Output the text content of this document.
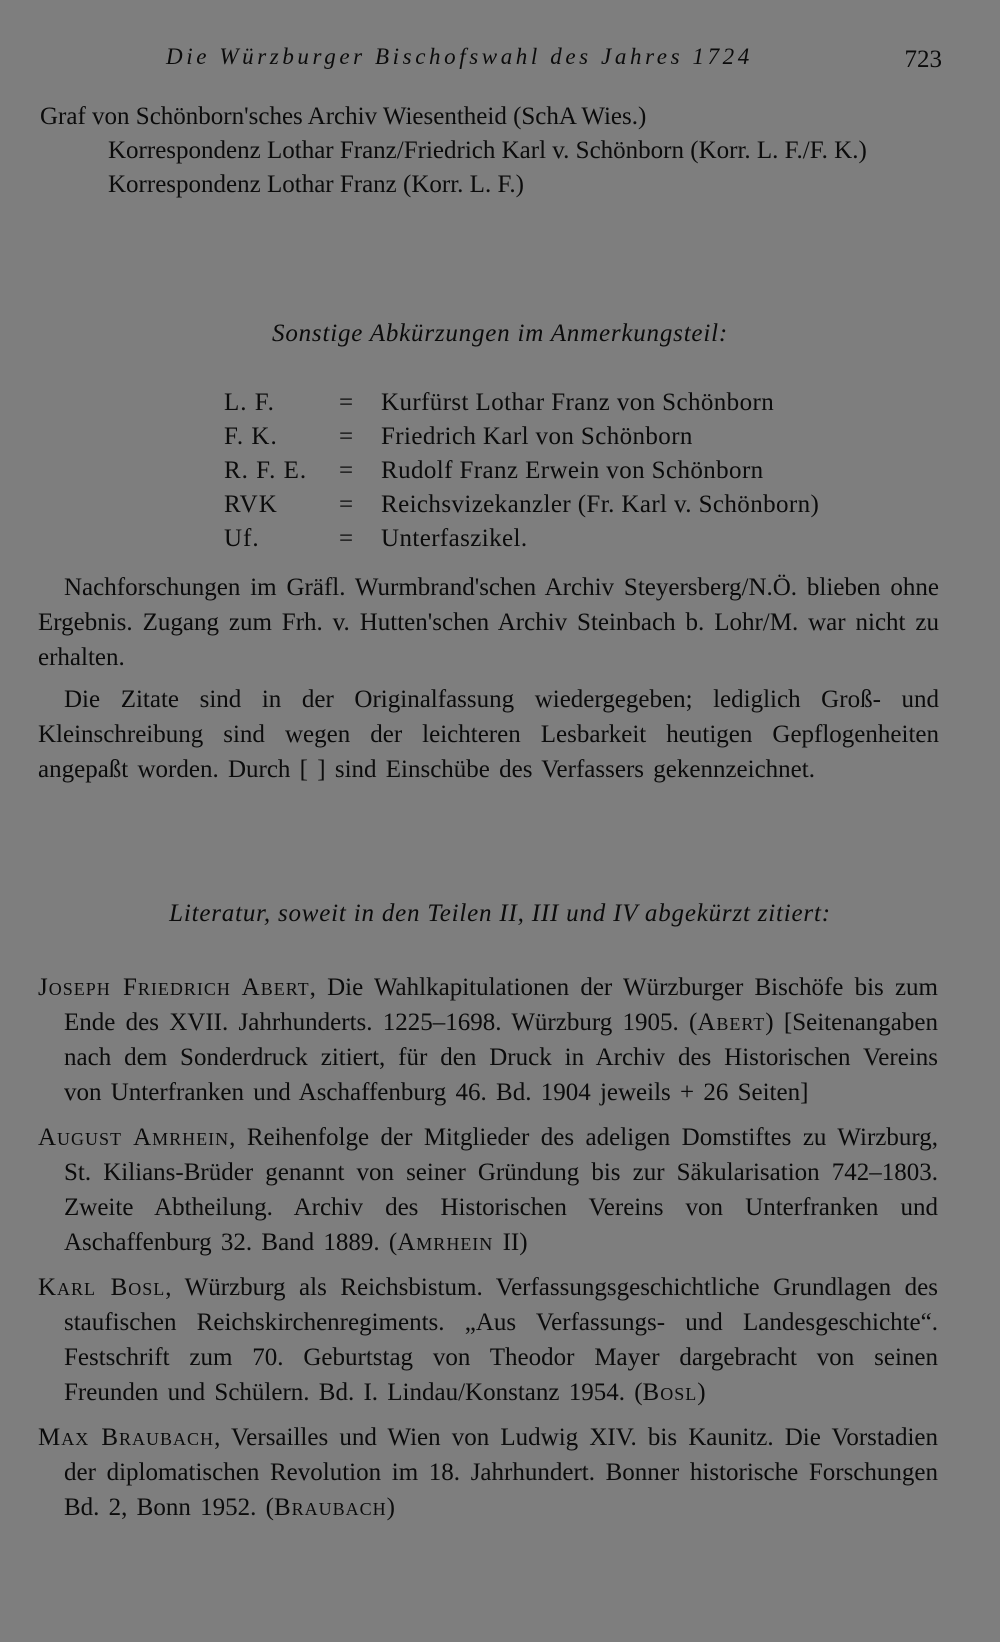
Die Würzburger Bischofswahl des Jahres 1724	723

Graf von Schönborn'sches Archiv Wiesentheid (SchA Wies.)

Korrespondenz Lothar Franz/Friedrich Karl v. Schönborn (Korr. L. F./F. K.)

Korrespondenz Lothar Franz (Korr. L. F.)

Sonstige Abkürzungen im Anmerkungsteil:
L. F.	=	Kurfürst Lothar Franz von Schönborn
F. K.	=	Friedrich Karl von Schönborn
R. F. E.	=	Rudolf Franz Erwein von Schönborn
RVK	=	Reichsvizekanzler (Fr. Karl v. Schönborn)
Uf.	=	Unterfaszikel.

Nachforschungen im Gräfl. Wurmbrand'schen Archiv Steyersberg/N.Ö. blieben ohne Ergebnis. Zugang zum Frh. v. Hutten'schen Archiv Steinbach b. Lohr/M. war nicht zu erhalten.

Die Zitate sind in der Originalfassung wiedergegeben; lediglich Groß- und Kleinschreibung sind wegen der leichteren Lesbarkeit heutigen Gepflogenheiten angepaßt worden. Durch [ ] sind Einschübe des Verfassers gekennzeichnet.

Literatur, soweit in den Teilen II, III und IV abgekürzt zitiert:

Joseph Friedrich Abert, Die Wahlkapitulationen der Würzburger Bischöfe bis zum Ende des XVII. Jahrhunderts. 1225–1698. Würzburg 1905. (Abert) [Seitenangaben nach dem Sonderdruck zitiert, für den Druck in Archiv des Historischen Vereins von Unterfranken und Aschaffenburg 46. Bd. 1904 jeweils + 26 Seiten]

August Amrhein, Reihenfolge der Mitglieder des adeligen Domstiftes zu Wirzburg, St. Kilians-Brüder genannt von seiner Gründung bis zur Säkularisation 742–1803. Zweite Abtheilung. Archiv des Historischen Vereins von Unterfranken und Aschaffenburg 32. Band 1889. (Amrhein II)

Karl Bosl, Würzburg als Reichsbistum. Verfassungsgeschichtliche Grundlagen des staufischen Reichskirchenregiments. „Aus Verfassungs- und Landesgeschichte“. Festschrift zum 70. Geburtstag von Theodor Mayer dargebracht von seinen Freunden und Schülern. Bd. I. Lindau/Konstanz 1954. (Bosl)

Max Braubach, Versailles und Wien von Ludwig XIV. bis Kaunitz. Die Vorstadien der diplomatischen Revolution im 18. Jahrhundert. Bonner historische Forschungen Bd. 2, Bonn 1952. (Braubach)
